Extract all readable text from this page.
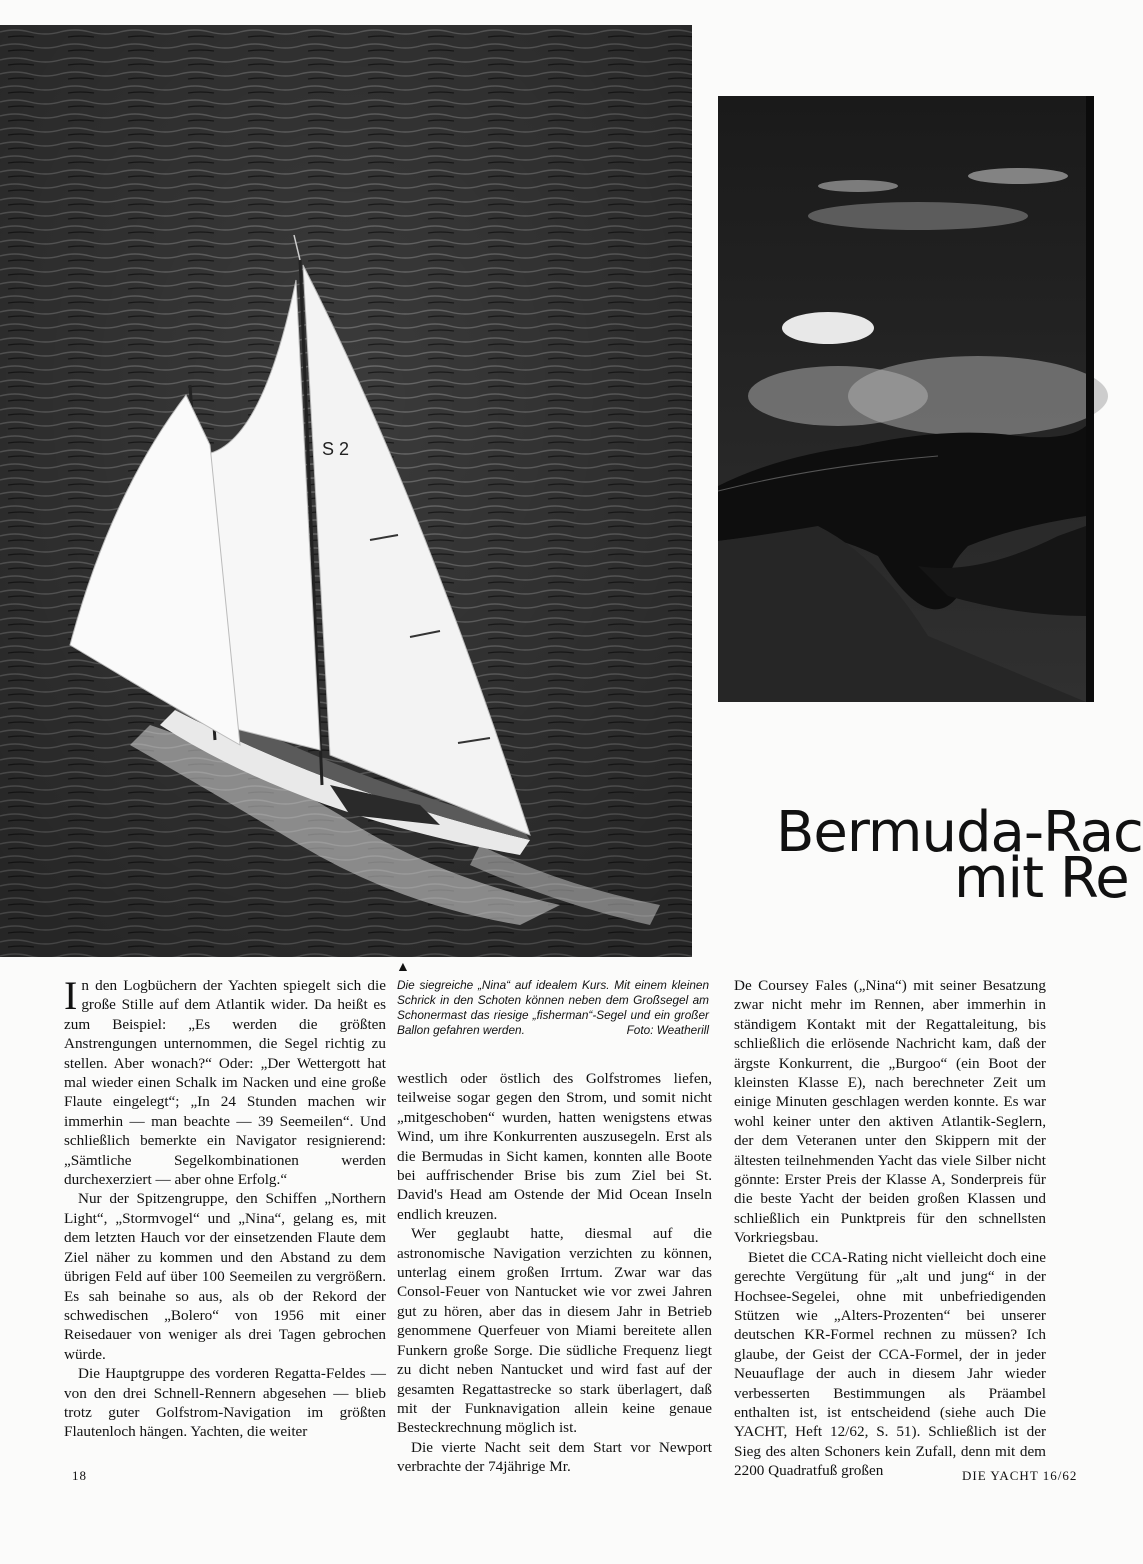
S 2
Bermuda-Rac
mit Re
▲
Die siegreiche „Nina“ auf idealem Kurs. Mit einem kleinen Schrick in den Schoten können neben dem Großsegel am Schonermast das riesige „fisherman“-Segel und ein großer Ballon gefahren werden.	Foto: Weatherill

In den Logbüchern der Yachten spiegelt sich die große Stille auf dem Atlantik wider. Da heißt es zum Beispiel: „Es werden die größten Anstrengungen unternommen, die Segel richtig zu stellen. Aber wonach?“ Oder: „Der Wettergott hat mal wieder einen Schalk im Nacken und eine große Flaute eingelegt“; „In 24 Stunden machen wir immerhin — man beachte — 39 Seemeilen“. Und schließlich bemerkte ein Navigator resignierend: „Sämtliche Segelkombinationen werden durchexerziert — aber ohne Erfolg.“

Nur der Spitzengruppe, den Schiffen „Northern Light“, „Stormvogel“ und „Nina“, gelang es, mit dem letzten Hauch vor der einsetzenden Flaute dem Ziel näher zu kommen und den Abstand zu dem übrigen Feld auf über 100 Seemeilen zu vergrößern. Es sah beinahe so aus, als ob der Rekord der schwedischen „Bolero“ von 1956 mit einer Reisedauer von weniger als drei Tagen gebrochen würde.

Die Hauptgruppe des vorderen Regatta-Feldes — von den drei Schnell-Rennern abgesehen — blieb trotz guter Golfstrom-Navigation im größten Flautenloch hängen. Yachten, die weiter

westlich oder östlich des Golfstromes liefen, teilweise sogar gegen den Strom, und somit nicht „mitgeschoben“ wurden, hatten wenigstens etwas Wind, um ihre Konkurrenten auszusegeln. Erst als die Bermudas in Sicht kamen, konnten alle Boote bei auffrischender Brise bis zum Ziel bei St. David's Head am Ostende der Mid Ocean Inseln endlich kreuzen.

Wer geglaubt hatte, diesmal auf die astronomische Navigation verzichten zu können, unterlag einem großen Irrtum. Zwar war das Consol-Feuer von Nantucket wie vor zwei Jahren gut zu hören, aber das in diesem Jahr in Betrieb genommene Querfeuer von Miami bereitete allen Funkern große Sorge. Die südliche Frequenz liegt zu dicht neben Nantucket und wird fast auf der gesamten Regattastrecke so stark überlagert, daß mit der Funknavigation allein keine genaue Besteckrechnung möglich ist.

Die vierte Nacht seit dem Start vor Newport verbrachte der 74jährige Mr.

De Coursey Fales („Nina“) mit seiner Besatzung zwar nicht mehr im Rennen, aber immerhin in ständigem Kontakt mit der Regattaleitung, bis schließlich die erlösende Nachricht kam, daß der ärgste Konkurrent, die „Burgoo“ (ein Boot der kleinsten Klasse E), nach berechneter Zeit um einige Minuten geschlagen werden konnte. Es war wohl keiner unter den aktiven Atlantik-Seglern, der dem Veteranen unter den Skippern mit der ältesten teilnehmenden Yacht das viele Silber nicht gönnte: Erster Preis der Klasse A, Sonderpreis für die beste Yacht der beiden großen Klassen und schließlich ein Punktpreis für den schnellsten Vorkriegsbau.

Bietet die CCA-Rating nicht vielleicht doch eine gerechte Vergütung für „alt und jung“ in der Hochsee-Segelei, ohne mit unbefriedigenden Stützen wie „Alters-Prozenten“ bei unserer deutschen KR-Formel rechnen zu müssen? Ich glaube, der Geist der CCA-Formel, der in jeder Neuauflage der auch in diesem Jahr wieder verbesserten Bestimmungen als Präambel enthalten ist, ist entscheidend (siehe auch Die YACHT, Heft 12/62, S. 51). Schließlich ist der Sieg des alten Schoners kein Zufall, denn mit dem 2200 Quadratfuß großen

18	DIE YACHT 16/62
